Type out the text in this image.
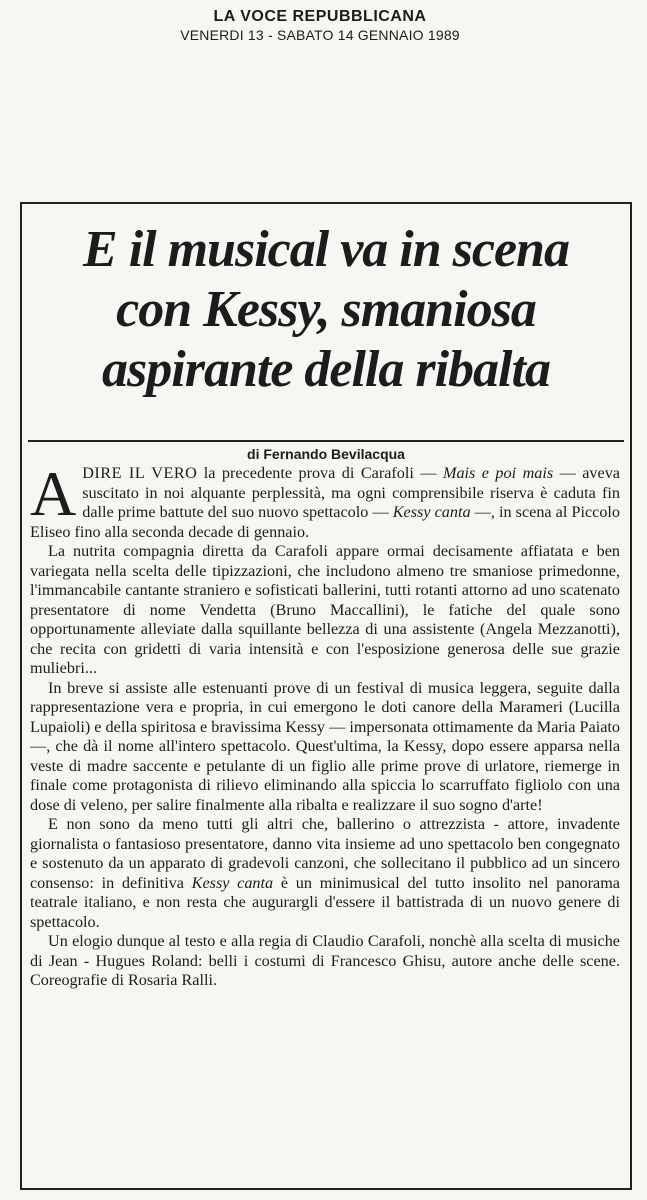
LA VOCE REPUBBLICANA
VENERDI 13 - SABATO 14 GENNAIO 1989
E il musical va in scena
con Kessy, smaniosa
aspirante della ribalta
di Fernando Bevilacqua

ADIRE IL VERO la precedente prova di Carafoli — Mais e poi mais — aveva suscitato in noi alquante perplessità, ma ogni comprensibile riserva è caduta fin dalle prime battute del suo nuovo spettacolo — Kessy canta —, in scena al Piccolo Eliseo fino alla seconda decade di gennaio.

La nutrita compagnia diretta da Carafoli appare ormai decisamente affiatata e ben variegata nella scelta delle tipizzazioni, che includono almeno tre smaniose primedonne, l'immancabile cantante straniero e sofisticati ballerini, tutti rotanti attorno ad uno scatenato presentatore di nome Vendetta (Bruno Maccallini), le fatiche del quale sono opportunamente alleviate dalla squillante bellezza di una assistente (Angela Mezzanotti), che recita con gridetti di varia intensità e con l'esposizione generosa delle sue grazie muliebri...

In breve si assiste alle estenuanti prove di un festival di musica leggera, seguite dalla rappresentazione vera e propria, in cui emergono le doti canore della Marameri (Lucilla Lupaioli) e della spiritosa e bravissima Kessy — impersonata ottimamente da Maria Paiato —, che dà il nome all'intero spettacolo. Quest'ultima, la Kessy, dopo essere apparsa nella veste di madre saccente e petulante di un figlio alle prime prove di urlatore, riemerge in finale come protagonista di rilievo eliminando alla spiccia lo scarruffato figliolo con una dose di veleno, per salire finalmente alla ribalta e realizzare il suo sogno d'arte!

E non sono da meno tutti gli altri che, ballerino o attrezzista - attore, invadente giornalista o fantasioso presentatore, danno vita insieme ad uno spettacolo ben congegnato e sostenuto da un apparato di gradevoli canzoni, che sollecitano il pubblico ad un sincero consenso: in definitiva Kessy canta è un minimusical del tutto insolito nel panorama teatrale italiano, e non resta che augurargli d'essere il battistrada di un nuovo genere di spettacolo.

Un elogio dunque al testo e alla regia di Claudio Carafoli, nonchè alla scelta di musiche di Jean - Hugues Roland: belli i costumi di Francesco Ghisu, autore anche delle scene. Coreografie di Rosaria Ralli.
